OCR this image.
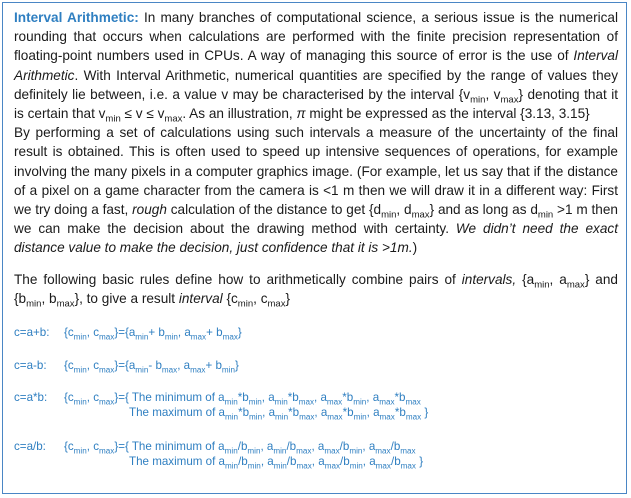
Interval Arithmetic: In many branches of computational science, a serious issue is the numerical rounding that occurs when calculations are performed with the finite precision representation of floating-point numbers used in CPUs. A way of managing this source of error is the use of Interval Arithmetic. With Interval Arithmetic, numerical quantities are specified by the range of values they definitely lie between, i.e. a value v may be characterised by the interval {$v_{min}$, $v_{max}$} denoting that it is certain that $v_{min} \le v \le v_{max}$. As an illustration, π might be expressed as the interval {3.13, 3.15}
By performing a set of calculations using such intervals a measure of the uncertainty of the final result is obtained. This is often used to speed up intensive sequences of operations, for example involving the many pixels in a computer graphics image. (For example, let us say that if the distance of a pixel on a game character from the camera is <1 m then we will draw it in a different way: First we try doing a fast, rough calculation of the distance to get {$d_{min}$, $d_{max}$} and as long as $d_{min} >1$ m then we can make the decision about the drawing method with certainty. We didn’t need the exact distance value to make the decision, just confidence that it is >1m.)
The following basic rules define how to arithmetically combine pairs of intervals, {$a_{min}$, $a_{max}$} and {$b_{min}$, $b_{max}$}, to give a result interval {$c_{min}$, $c_{max}$}
c=a+b: {$c_{min}$, $c_{max}\}=\{a_{min}+ b_{min}$, $a_{max}+ b_{max}$}
c=a-b: {$c_{min}$, $c_{max}\}=\{a_{min}-$ $b_{max}$, $a_{max}+ b_{min}$}
c=a*b: {$c_{min}$, $c_{max}\}=${ The minimum of $a_{min}*b_{min}$, $a_{min}*b_{max}$, $a_{max}*b_{min}$, $a_{max}*b_{max}$
The maximum of $a_{min}*b_{min}$, $a_{min}*b_{max}$, $a_{max}*b_{min}$, $a_{max}*b_{max}$ }
c=a/b: {$c_{min}$, $c_{max}\}=${ The minimum of $a_{min}/b_{min}$, $a_{min}/b_{max}$, $a_{max}/b_{min}$, $a_{max}/b_{max}$
The maximum of $a_{min}/b_{min}$, $a_{min}/b_{max}$, $a_{max}/b_{min}$, $a_{max}/b_{max}$ }
